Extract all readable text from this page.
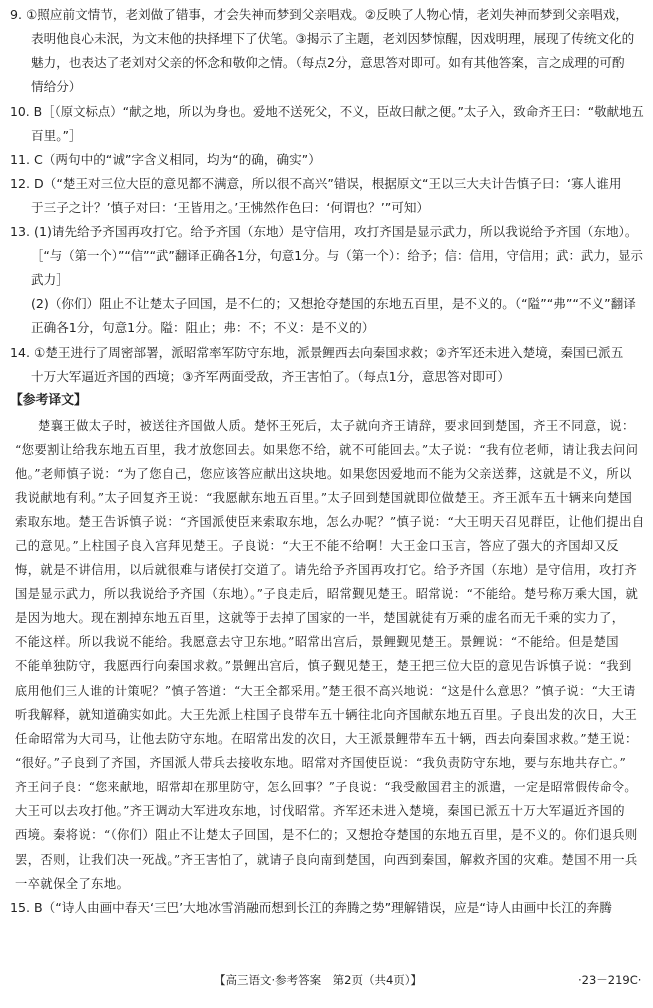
9. ①照应前文情节，老刘做了错事，才会失神而梦到父亲唱戏。②反映了人物心情，老刘失神而梦到父亲唱戏，
表明他良心未泯，为文末他的抉择埋下了伏笔。③揭示了主题，老刘因梦惊醒，因戏明理，展现了传统文化的
魅力，也表达了老刘对父亲的怀念和敬仰之情。（每点2分，意思答对即可。如有其他答案，言之成理的可酌
情给分）
10. B［（原文标点）“献之地，所以为身也。爱地不送死父，不义，臣故曰献之便。”太子入，致命齐王曰：“敬献地五
百里。”］
11. C（两句中的“诚”字含义相同，均为“的确，确实”）
12. D（“楚王对三位大臣的意见都不满意，所以很不高兴”错误，根据原文“王以三大夫计告慎子曰：‘寡人谁用
于三子之计？’慎子对曰：‘王皆用之。’王怫然作色曰：‘何谓也？’”可知）
13. (1)请先给予齐国再攻打它。给予齐国（东地）是守信用，攻打齐国是显示武力，所以我说给予齐国（东地）。
［“与（第一个）”“信”“武”翻译正确各1分，句意1分。与（第一个）：给予；信：信用，守信用；武：武力，显示
武力］
(2)（你们）阻止不让楚太子回国，是不仁的；又想抢夺楚国的东地五百里，是不义的。（“隘”“弗”“不义”翻译
正确各1分，句意1分。隘：阻止；弗：不；不义：是不义的）
14. ①楚王进行了周密部署，派昭常率军防守东地，派景鲤西去向秦国求救；②齐军还未进入楚境，秦国已派五
十万大军逼近齐国的西境；③齐军两面受敌，齐王害怕了。（每点1分，意思答对即可）
【参考译文】
楚襄王做太子时，被送往齐国做人质。楚怀王死后，太子就向齐王请辞，要求回到楚国，齐王不同意，说：
“您要割让给我东地五百里，我才放您回去。如果您不给，就不可能回去。”太子说：“我有位老师，请让我去问问
他。”老师慎子说：“为了您自己，您应该答应献出这块地。如果您因爱地而不能为父亲送葬，这就是不义，所以
我说献地有利。”太子回复齐王说：“我愿献东地五百里。”太子回到楚国就即位做楚王。齐王派车五十辆来向楚国
索取东地。楚王告诉慎子说：“齐国派使臣来索取东地，怎么办呢？”慎子说：“大王明天召见群臣，让他们提出自
己的意见。”上柱国子良入宫拜见楚王。子良说：“大王不能不给啊！大王金口玉言，答应了强大的齐国却又反
悔，就是不讲信用，以后就很难与诸侯打交道了。请先给予齐国再攻打它。给予齐国（东地）是守信用，攻打齐
国是显示武力，所以我说给予齐国（东地）。”子良走后，昭常觐见楚王。昭常说：“不能给。楚号称万乘大国，就
是因为地大。现在割掉东地五百里，这就等于去掉了国家的一半，楚国就徒有万乘的虚名而无千乘的实力了，
不能这样。所以我说不能给。我愿意去守卫东地。”昭常出宫后，景鲤觐见楚王。景鲤说：“不能给。但是楚国
不能单独防守，我愿西行向秦国求救。”景鲤出宫后，慎子觐见楚王，楚王把三位大臣的意见告诉慎子说：“我到
底用他们三人谁的计策呢？”慎子答道：“大王全都采用。”楚王很不高兴地说：“这是什么意思？”慎子说：“大王请
听我解释，就知道确实如此。大王先派上柱国子良带车五十辆往北向齐国献东地五百里。子良出发的次日，大王
任命昭常为大司马，让他去防守东地。在昭常出发的次日，大王派景鲤带车五十辆，西去向秦国求救。”楚王说：
“很好。”子良到了齐国，齐国派人带兵去接收东地。昭常对齐国使臣说：“我负责防守东地，要与东地共存亡。”
齐王问子良：“您来献地，昭常却在那里防守，怎么回事？”子良说：“我受敝国君主的派遣，一定是昭常假传命令。
大王可以去攻打他。”齐王调动大军进攻东地，讨伐昭常。齐军还未进入楚境，秦国已派五十万大军逼近齐国的
西境。秦将说：“（你们）阻止不让楚太子回国，是不仁的；又想抢夺楚国的东地五百里，是不义的。你们退兵则
罢，否则，让我们决一死战。”齐王害怕了，就请子良向南到楚国，向西到秦国，解救齐国的灾难。楚国不用一兵
一卒就保全了东地。
15. B（“诗人由画中春天‘三巴’大地冰雪消融而想到长江的奔腾之势”理解错误，应是“诗人由画中长江的奔腾
【高三语文·参考答案　第2页（共4页）】	·23－219C·
